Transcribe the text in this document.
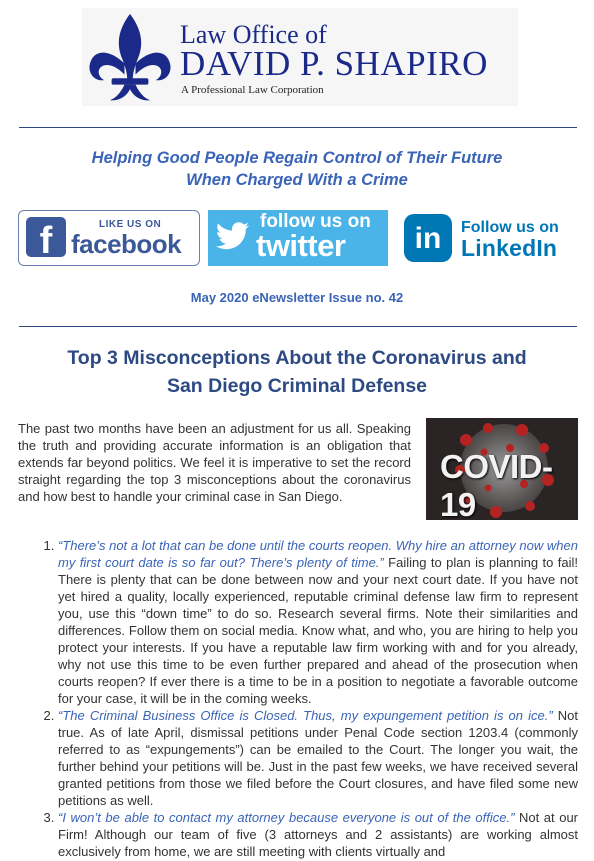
Law Office of
DAVID P. SHAPIRO
A Professional Law Corporation
Helping Good People Regain Control of Their Future
When Charged With a Crime
f	LIKE US ON
facebook
follow us on
twitter	in	Follow us on
LinkedIn
May 2020 eNewsletter Issue no. 42
Top 3 Misconceptions About the Coronavirus and
San Diego Criminal Defense
COVID-19
The past two months have been an adjustment for us all. Speaking the truth and providing accurate information is an obligation that extends far beyond politics. We feel it is imperative to set the record straight regarding the top 3 misconceptions about the coronavirus and how best to handle your criminal case in San Diego.
1. “There’s not a lot that can be done until the courts reopen. Why hire an attorney now when my first court date is so far out? There’s plenty of time.” Failing to plan is planning to fail! There is plenty that can be done between now and your next court date. If you have not yet hired a quality, locally experienced, reputable criminal defense law firm to represent you, use this “down time” to do so. Research several firms. Note their similarities and differences. Follow them on social media. Know what, and who, you are hiring to help you protect your interests. If you have a reputable law firm working with and for you already, why not use this time to be even further prepared and ahead of the prosecution when courts reopen? If ever there is a time to be in a position to negotiate a favorable outcome for your case, it will be in the coming weeks.
2. “The Criminal Business Office is Closed. Thus, my expungement petition is on ice.” Not true. As of late April, dismissal petitions under Penal Code section 1203.4 (commonly referred to as “expungements”) can be emailed to the Court. The longer you wait, the further behind your petitions will be. Just in the past few weeks, we have received several granted petitions from those we filed before the Court closures, and have filed some new petitions as well.
3. “I won’t be able to contact my attorney because everyone is out of the office.” Not at our Firm! Although our team of five (3 attorneys and 2 assistants) are working almost exclusively from home, we are still meeting with clients virtually and
